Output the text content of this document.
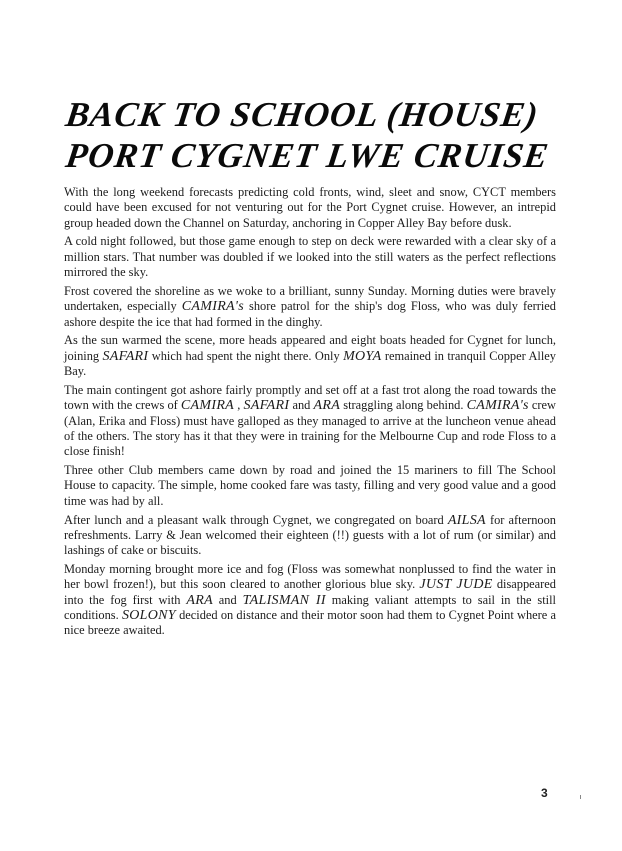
BACK TO SCHOOL (HOUSE)
PORT CYGNET LWE CRUISE

With the long weekend forecasts predicting cold fronts, wind, sleet and snow, CYCT members could have been excused for not venturing out for the Port Cygnet cruise. However, an intrepid group headed down the Channel on Saturday, anchoring in Copper Alley Bay before dusk.

A cold night followed, but those game enough to step on deck were rewarded with a clear sky of a million stars. That number was doubled if we looked into the still waters as the perfect reflections mirrored the sky.

Frost covered the shoreline as we woke to a brilliant, sunny Sunday. Morning duties were bravely undertaken, especially CAMIRA's shore patrol for the ship's dog Floss, who was duly ferried ashore despite the ice that had formed in the dinghy.

As the sun warmed the scene, more heads appeared and eight boats headed for Cygnet for lunch, joining SAFARI which had spent the night there. Only MOYA remained in tranquil Copper Alley Bay.

The main contingent got ashore fairly promptly and set off at a fast trot along the road towards the town with the crews of CAMIRA , SAFARI and ARA straggling along behind. CAMIRA's crew (Alan, Erika and Floss) must have galloped as they managed to arrive at the luncheon venue ahead of the others. The story has it that they were in training for the Melbourne Cup and rode Floss to a close finish!

Three other Club members came down by road and joined the 15 mariners to fill The School House to capacity. The simple, home cooked fare was tasty, filling and very good value and a good time was had by all.

After lunch and a pleasant walk through Cygnet, we congregated on board AILSA for afternoon refreshments. Larry & Jean welcomed their eighteen (!!) guests with a lot of rum (or similar) and lashings of cake or biscuits.

Monday morning brought more ice and fog (Floss was somewhat nonplussed to find the water in her bowl frozen!), but this soon cleared to another glorious blue sky. JUST JUDE disappeared into the fog first with ARA and TALISMAN II making valiant attempts to sail in the still conditions. SOLONY decided on distance and their motor soon had them to Cygnet Point where a nice breeze awaited.

3
